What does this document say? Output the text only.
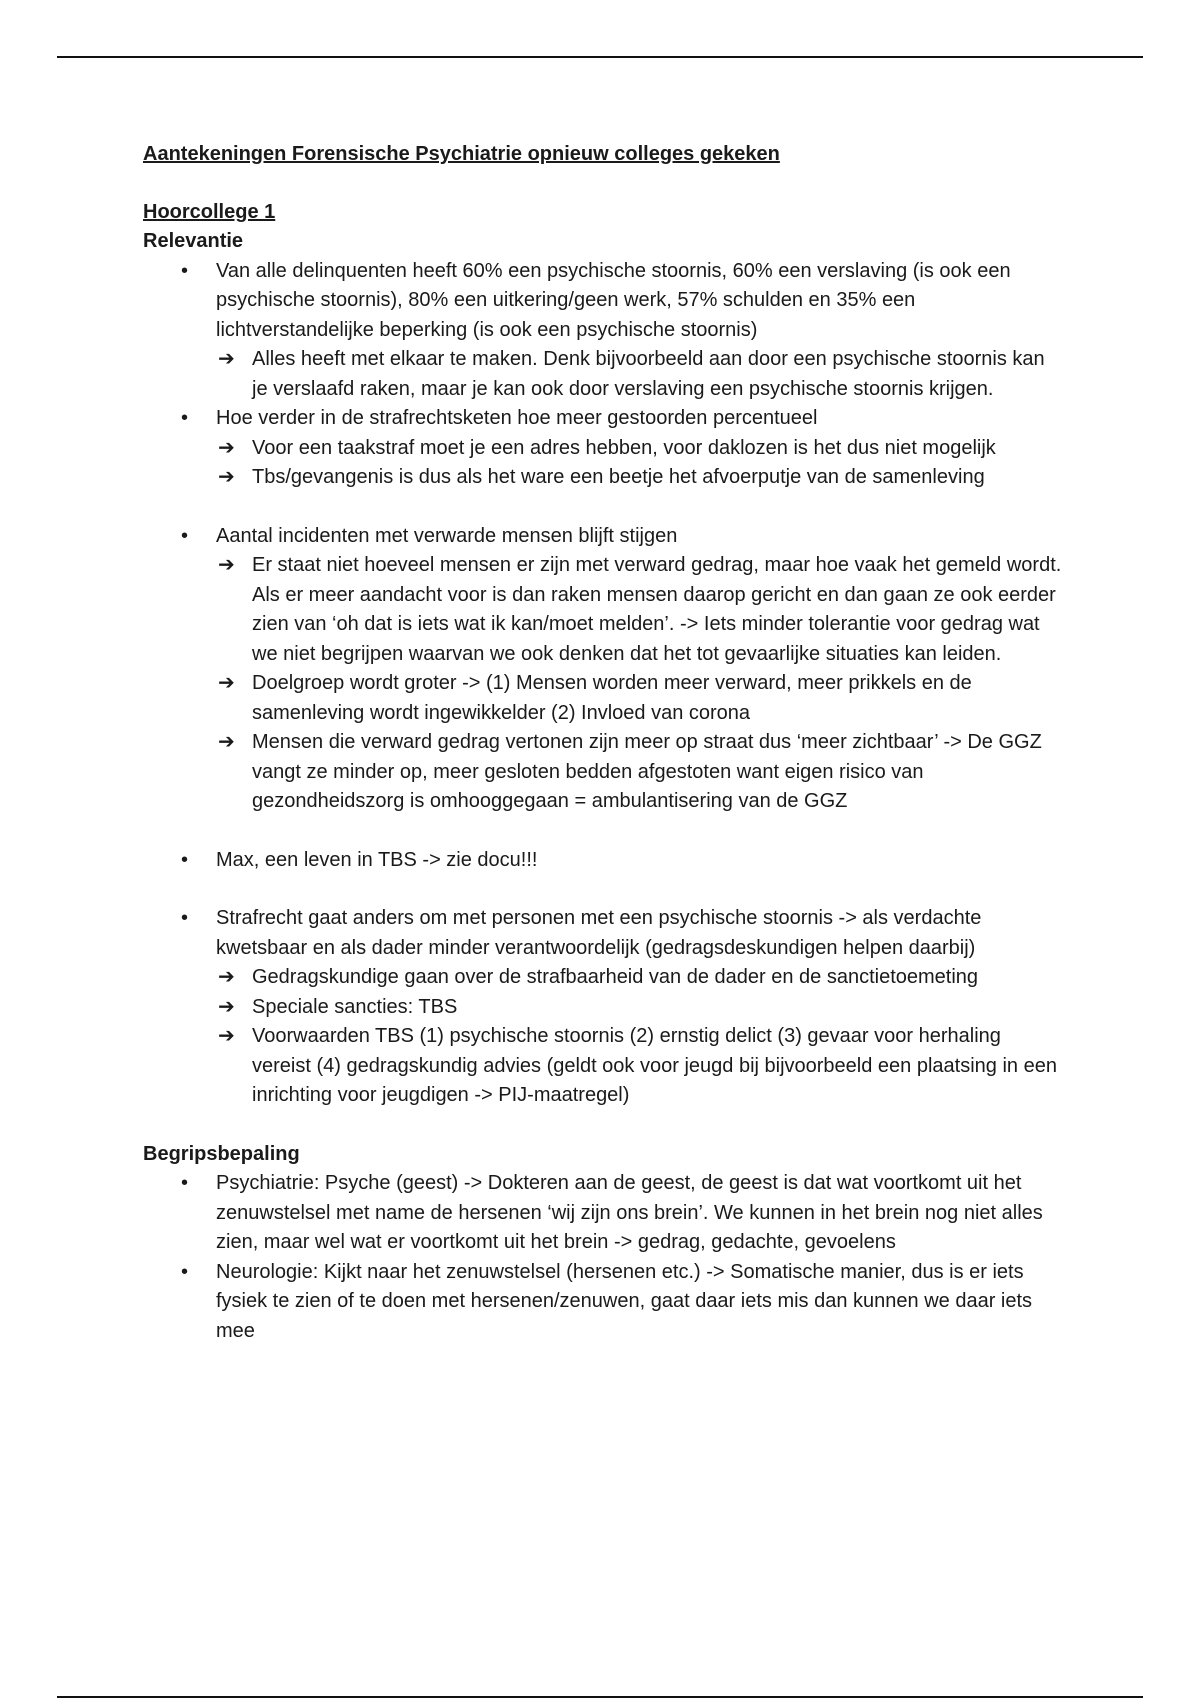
Aantekeningen Forensische Psychiatrie opnieuw colleges gekeken

Hoorcollege 1

Relevantie

• Van alle delinquenten heeft 60% een psychische stoornis, 60% een verslaving (is ook een psychische stoornis), 80% een uitkering/geen werk, 57% schulden en 35% een lichtverstandelijke beperking (is ook een psychische stoornis)
➔ Alles heeft met elkaar te maken. Denk bijvoorbeeld aan door een psychische stoornis kan je verslaafd raken, maar je kan ook door verslaving een psychische stoornis krijgen.
• Hoe verder in de strafrechtsketen hoe meer gestoorden percentueel
➔ Voor een taakstraf moet je een adres hebben, voor daklozen is het dus niet mogelijk
➔ Tbs/gevangenis is dus als het ware een beetje het afvoerputje van de samenleving
• Aantal incidenten met verwarde mensen blijft stijgen
➔ Er staat niet hoeveel mensen er zijn met verward gedrag, maar hoe vaak het gemeld wordt. Als er meer aandacht voor is dan raken mensen daarop gericht en dan gaan ze ook eerder zien van ‘oh dat is iets wat ik kan/moet melden’. -> Iets minder tolerantie voor gedrag wat we niet begrijpen waarvan we ook denken dat het tot gevaarlijke situaties kan leiden.
➔ Doelgroep wordt groter -> (1) Mensen worden meer verward, meer prikkels en de samenleving wordt ingewikkelder (2) Invloed van corona
➔ Mensen die verward gedrag vertonen zijn meer op straat dus ‘meer zichtbaar’ -> De GGZ vangt ze minder op, meer gesloten bedden afgestoten want eigen risico van gezondheidszorg is omhooggegaan = ambulantisering van de GGZ
• Max, een leven in TBS -> zie docu!!!
• Strafrecht gaat anders om met personen met een psychische stoornis -> als verdachte kwetsbaar en als dader minder verantwoordelijk (gedragsdeskundigen helpen daarbij)
➔ Gedragskundige gaan over de strafbaarheid van de dader en de sanctietoemeting
➔ Speciale sancties: TBS
➔ Voorwaarden TBS (1) psychische stoornis (2) ernstig delict (3) gevaar voor herhaling vereist (4) gedragskundig advies (geldt ook voor jeugd bij bijvoorbeeld een plaatsing in een inrichting voor jeugdigen -> PIJ-maatregel)

Begripsbepaling

• Psychiatrie: Psyche (geest) -> Dokteren aan de geest, de geest is dat wat voortkomt uit het zenuwstelsel met name de hersenen ‘wij zijn ons brein’. We kunnen in het brein nog niet alles zien, maar wel wat er voortkomt uit het brein -> gedrag, gedachte, gevoelens
• Neurologie: Kijkt naar het zenuwstelsel (hersenen etc.) -> Somatische manier, dus is er iets fysiek te zien of te doen met hersenen/zenuwen, gaat daar iets mis dan kunnen we daar iets mee
